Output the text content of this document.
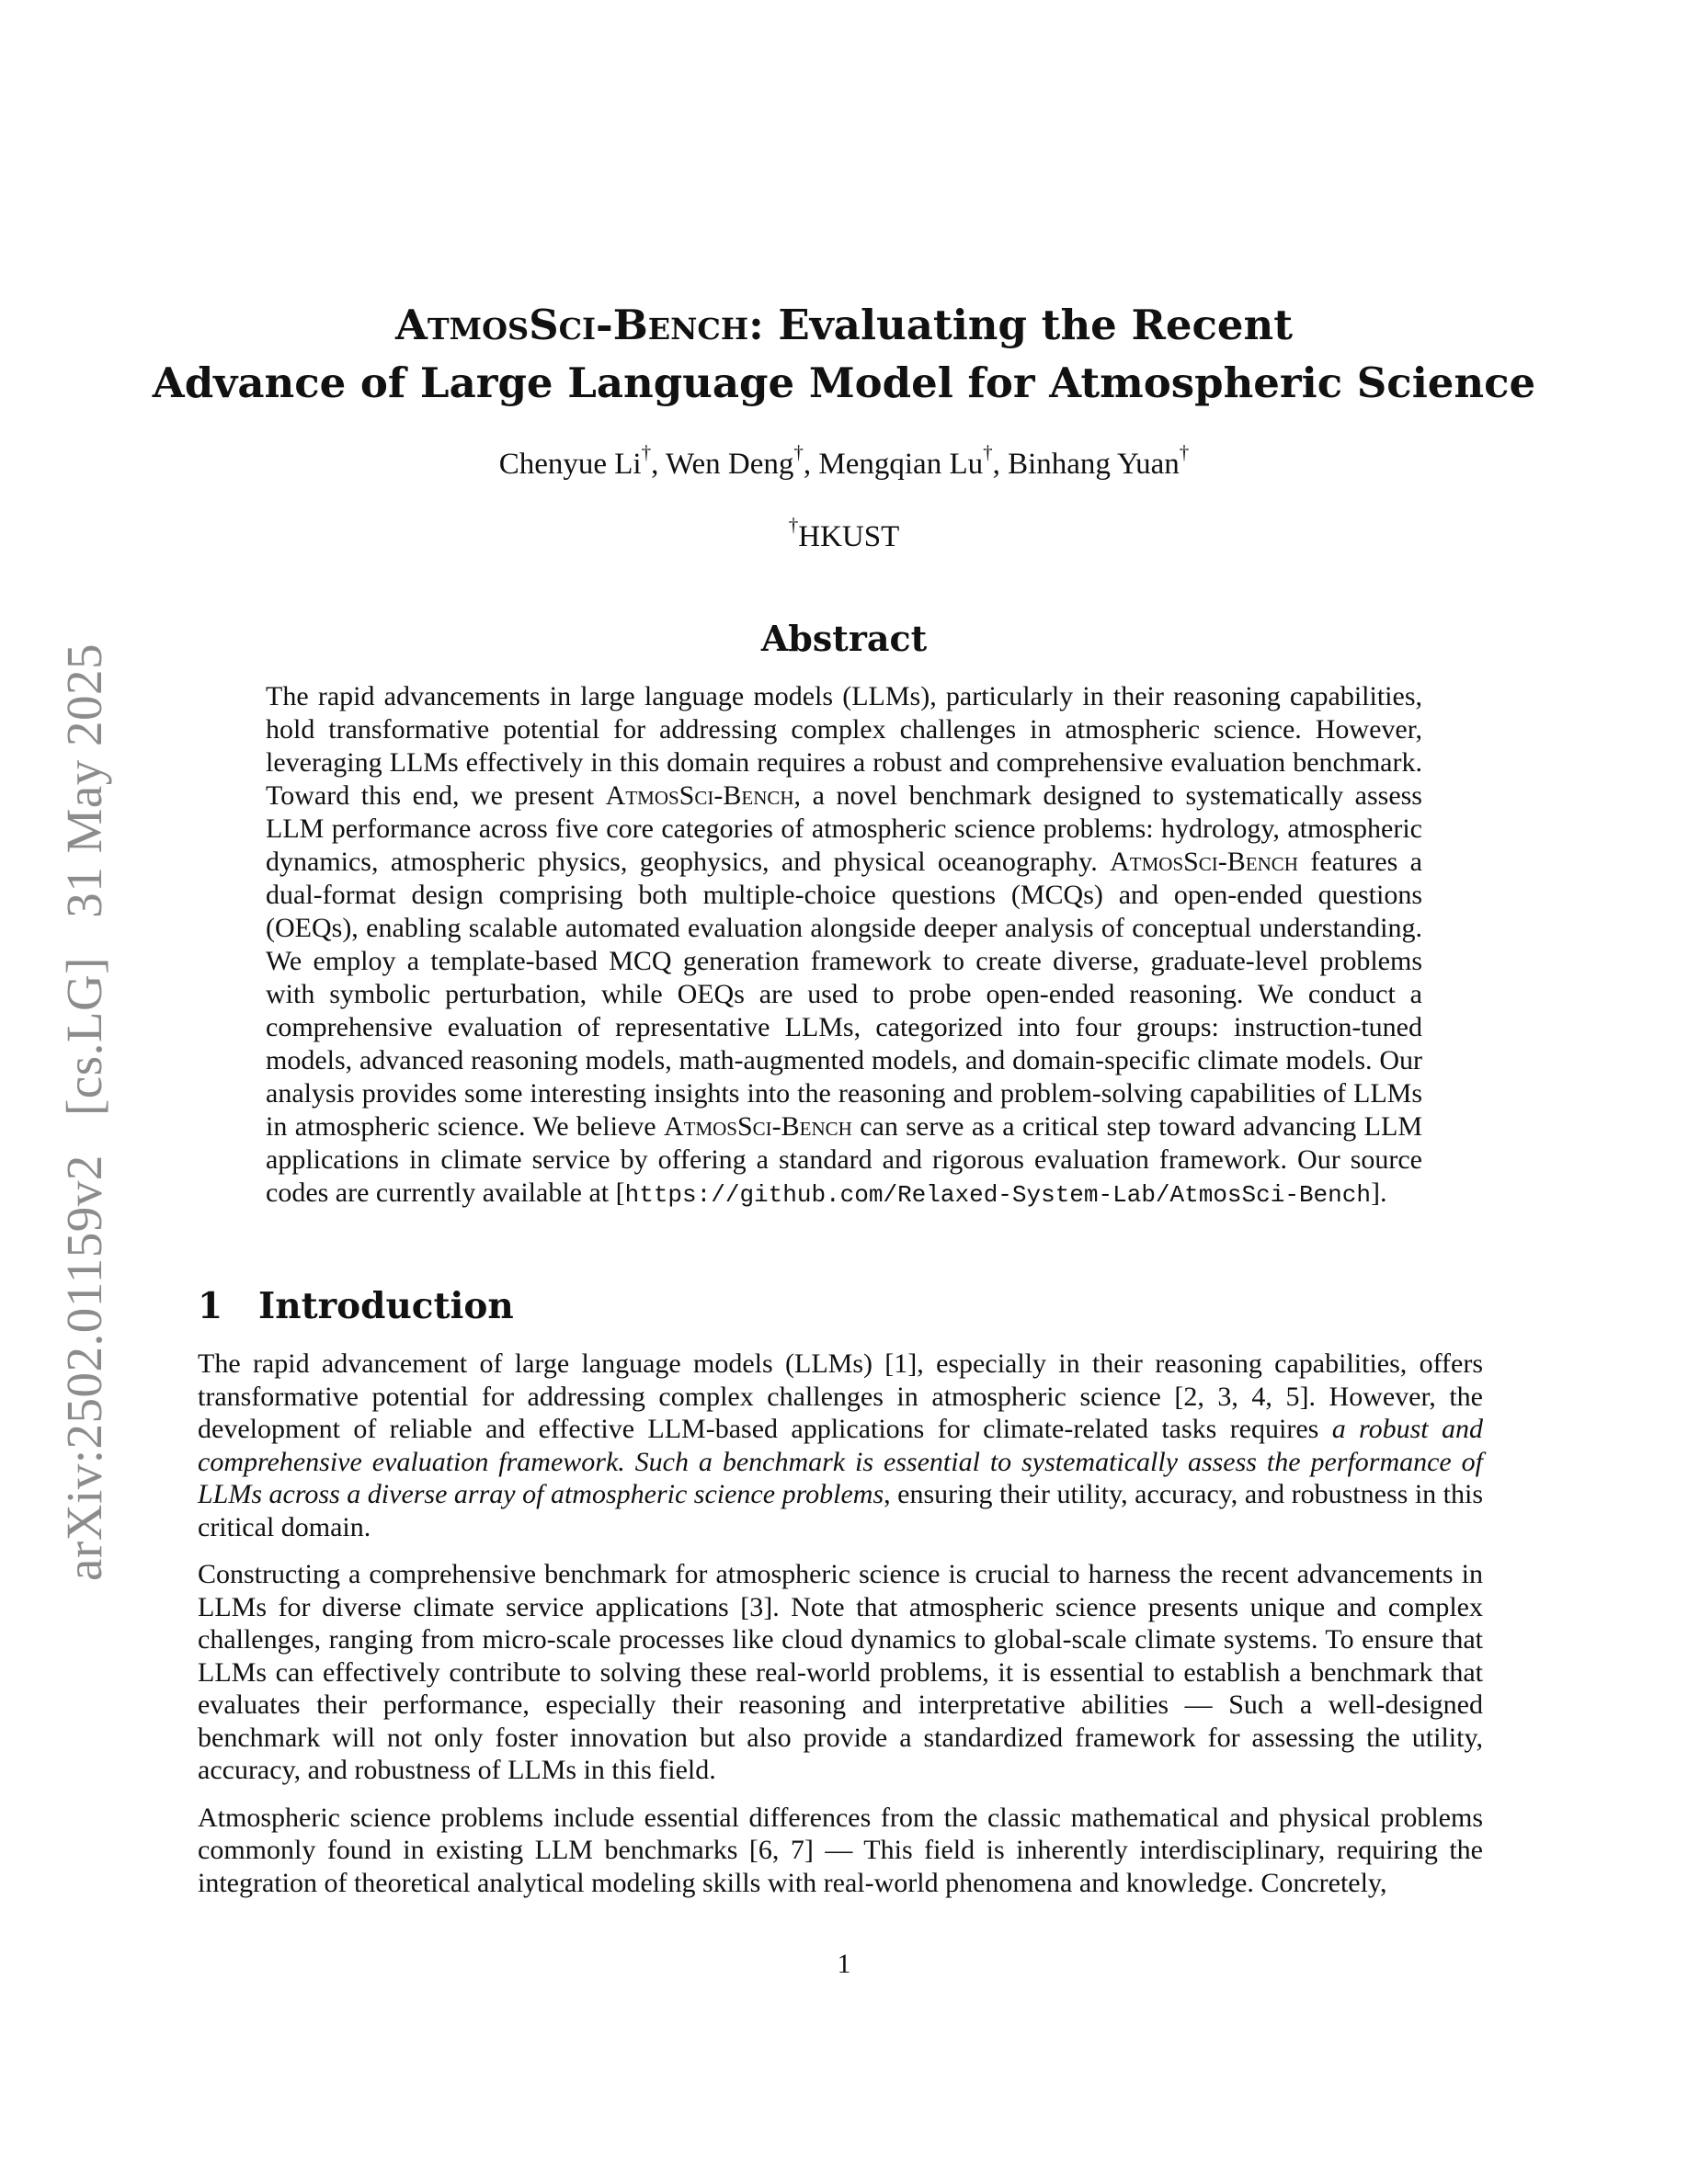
arXiv:2502.01159v2 [cs.LG] 31 May 2025
AtmosSci-Bench: Evaluating the Recent
Advance of Large Language Model for Atmospheric Science
Chenyue Li†, Wen Deng†, Mengqian Lu†, Binhang Yuan†
†HKUST
Abstract
The rapid advancements in large language models (LLMs), particularly in their reasoning capabilities, hold transformative potential for addressing complex challenges in atmospheric science. However, leveraging LLMs effectively in this domain requires a robust and comprehensive evaluation benchmark. Toward this end, we present AtmosSci-Bench, a novel benchmark designed to systematically assess LLM performance across five core categories of atmospheric science problems: hydrology, atmospheric dynamics, atmospheric physics, geophysics, and physical oceanography. AtmosSci-Bench features a dual-format design comprising both multiple-choice questions (MCQs) and open-ended questions (OEQs), enabling scalable automated evaluation alongside deeper analysis of conceptual understanding. We employ a template-based MCQ generation framework to create diverse, graduate-level problems with symbolic perturbation, while OEQs are used to probe open-ended reasoning. We conduct a comprehensive evaluation of representative LLMs, categorized into four groups: instruction-tuned models, advanced reasoning models, math-augmented models, and domain-specific climate models. Our analysis provides some interesting insights into the reasoning and problem-solving capabilities of LLMs in atmospheric science. We believe AtmosSci-Bench can serve as a critical step toward advancing LLM applications in climate service by offering a standard and rigorous evaluation framework. Our source codes are currently available at [https://github.com/Relaxed-System-Lab/AtmosSci-Bench].
1 Introduction

The rapid advancement of large language models (LLMs) [1], especially in their reasoning capabilities, offers transformative potential for addressing complex challenges in atmospheric science [2, 3, 4, 5]. However, the development of reliable and effective LLM-based applications for climate-related tasks requires a robust and comprehensive evaluation framework. Such a benchmark is essential to systematically assess the performance of LLMs across a diverse array of atmospheric science problems, ensuring their utility, accuracy, and robustness in this critical domain.

Constructing a comprehensive benchmark for atmospheric science is crucial to harness the recent advancements in LLMs for diverse climate service applications [3]. Note that atmospheric science presents unique and complex challenges, ranging from micro-scale processes like cloud dynamics to global-scale climate systems. To ensure that LLMs can effectively contribute to solving these real-world problems, it is essential to establish a benchmark that evaluates their performance, especially their reasoning and interpretative abilities — Such a well-designed benchmark will not only foster innovation but also provide a standardized framework for assessing the utility, accuracy, and robustness of LLMs in this field.

Atmospheric science problems include essential differences from the classic mathematical and physical problems commonly found in existing LLM benchmarks [6, 7] — This field is inherently interdisciplinary, requiring the integration of theoretical analytical modeling skills with real-world phenomena and knowledge. Concretely,

1
